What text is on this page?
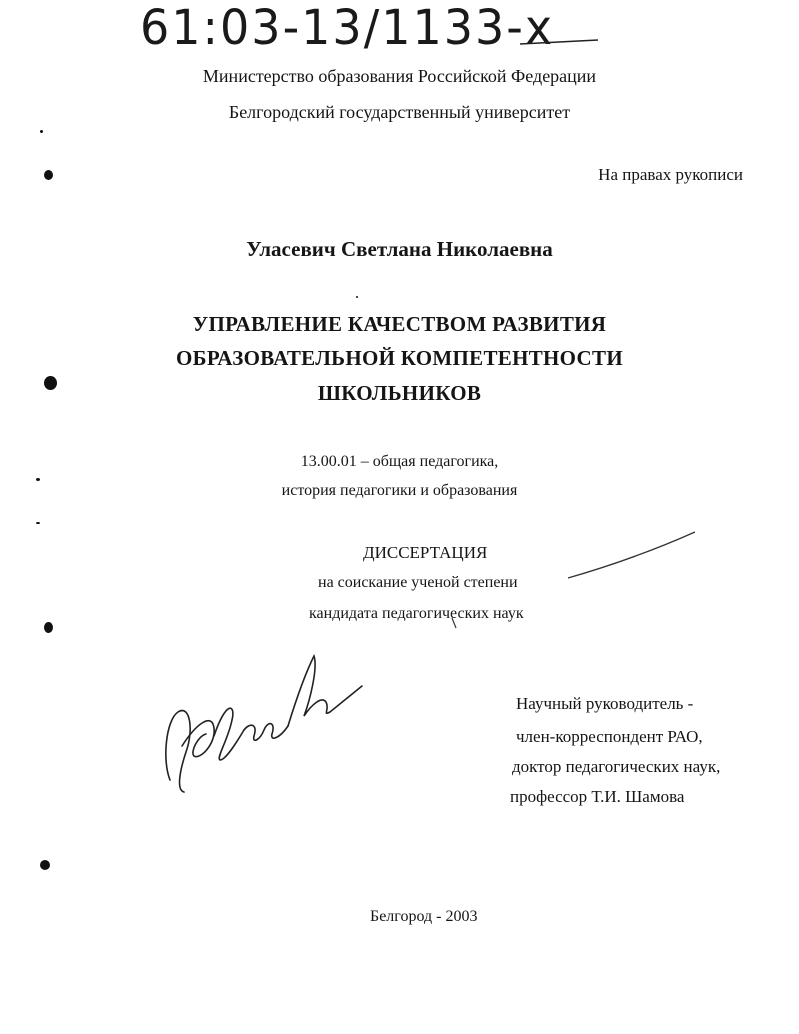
61:03-13/1133-x

Министерство образования Российской Федерации

Белгородский государственный университет

На правах рукописи

Уласевич Светлана Николаевна

УПРАВЛЕНИЕ КАЧЕСТВОМ РАЗВИТИЯ

ОБРАЗОВАТЕЛЬНОЙ КОМПЕТЕНТНОСТИ

ШКОЛЬНИКОВ

13.00.01 – общая педагогика,

история педагогики и образования

ДИССЕРТАЦИЯ

на соискание ученой степени

кандидата педагогических наук

Научный руководитель -

член-корреспондент РАО,

доктор педагогических наук,

профессор Т.И. Шамова

Белгород - 2003
